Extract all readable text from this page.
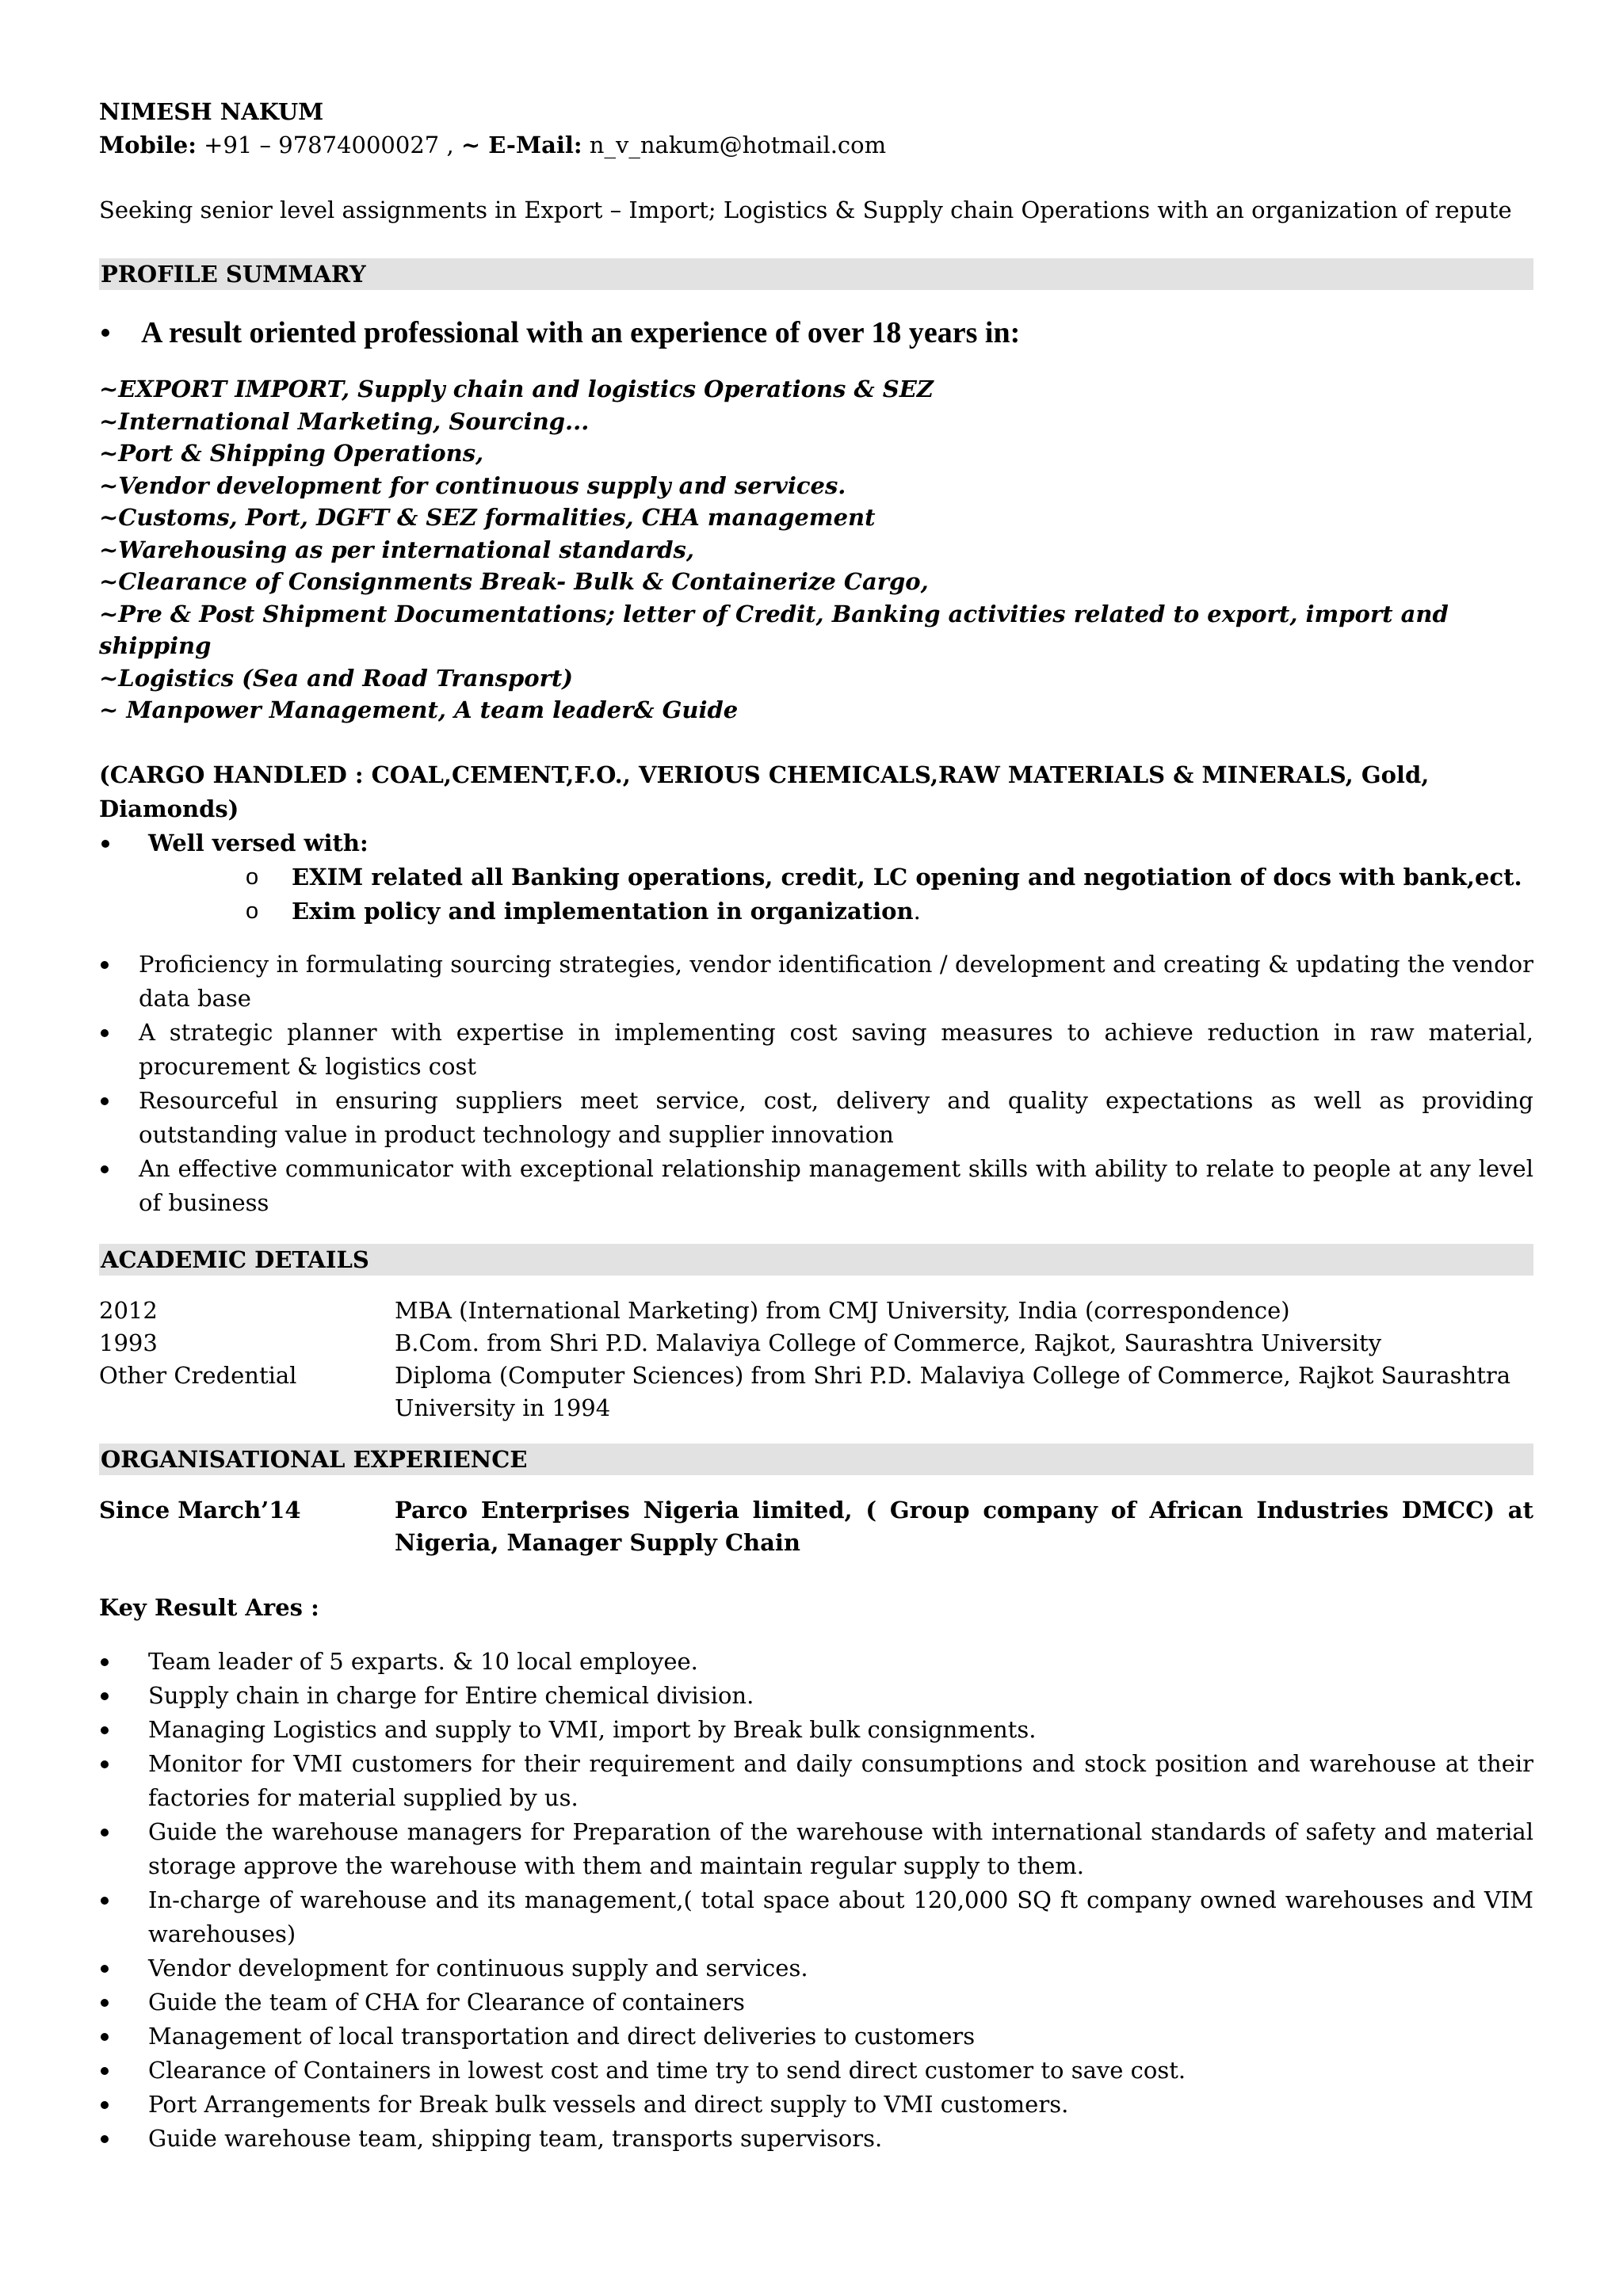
NIMESH NAKUM
Mobile: +91 – 97874000027 , ~ E-Mail: n_v_nakum@hotmail.com
Seeking senior level assignments in Export – Import; Logistics & Supply chain Operations with an organization of repute
PROFILE SUMMARY
A result oriented professional with an experience of over 18 years in:
~EXPORT IMPORT, Supply chain and logistics Operations & SEZ
~International Marketing, Sourcing...
~Port & Shipping Operations,
~Vendor development for continuous supply and services.
~Customs, Port, DGFT & SEZ formalities, CHA management
~Warehousing as per international standards,
~Clearance of Consignments Break- Bulk & Containerize Cargo,
~Pre & Post Shipment Documentations; letter of Credit, Banking activities related to export, import and shipping
~Logistics (Sea and Road Transport)
~ Manpower Management, A team leader& Guide
(CARGO HANDLED : COAL,CEMENT,F.O., VERIOUS CHEMICALS,RAW MATERIALS & MINERALS, Gold, Diamonds)
Well versed with:
o EXIM related all Banking operations, credit, LC opening and negotiation of docs with bank,ect.
o Exim policy and implementation in organization.
Proficiency in formulating sourcing strategies, vendor identification / development and creating & updating the vendor data base
A strategic planner with expertise in implementing cost saving measures to achieve reduction in raw material, procurement & logistics cost
Resourceful in ensuring suppliers meet service, cost, delivery and quality expectations as well as providing outstanding value in product technology and supplier innovation
An effective communicator with exceptional relationship management skills with ability to relate to people at any level of business
ACADEMIC DETAILS
2012	MBA (International Marketing) from CMJ University, India (correspondence)
1993	B.Com. from Shri P.D. Malaviya College of Commerce, Rajkot, Saurashtra University
Other Credential	Diploma (Computer Sciences) from Shri P.D. Malaviya College of Commerce, Rajkot Saurashtra University in 1994
ORGANISATIONAL EXPERIENCE
Since March’14	Parco Enterprises Nigeria limited, ( Group company of African Industries DMCC) at Nigeria, Manager Supply Chain
Key Result Ares :
Team leader of 5 exparts. & 10 local employee.
Supply chain in charge for Entire chemical division.
Managing Logistics and supply to VMI, import by Break bulk consignments.
Monitor for VMI customers for their requirement and daily consumptions and stock position and warehouse at their factories for material supplied by us.
Guide the warehouse managers for Preparation of the warehouse with international standards of safety and material storage approve the warehouse with them and maintain regular supply to them.
In-charge of warehouse and its management,( total space about 120,000 SQ ft company owned warehouses and VIM warehouses)
Vendor development for continuous supply and services.
Guide the team of CHA for Clearance of containers
Management of local transportation and direct deliveries to customers
Clearance of Containers in lowest cost and time try to send direct customer to save cost.
Port Arrangements for Break bulk vessels and direct supply to VMI customers.
Guide warehouse team, shipping team, transports supervisors.
